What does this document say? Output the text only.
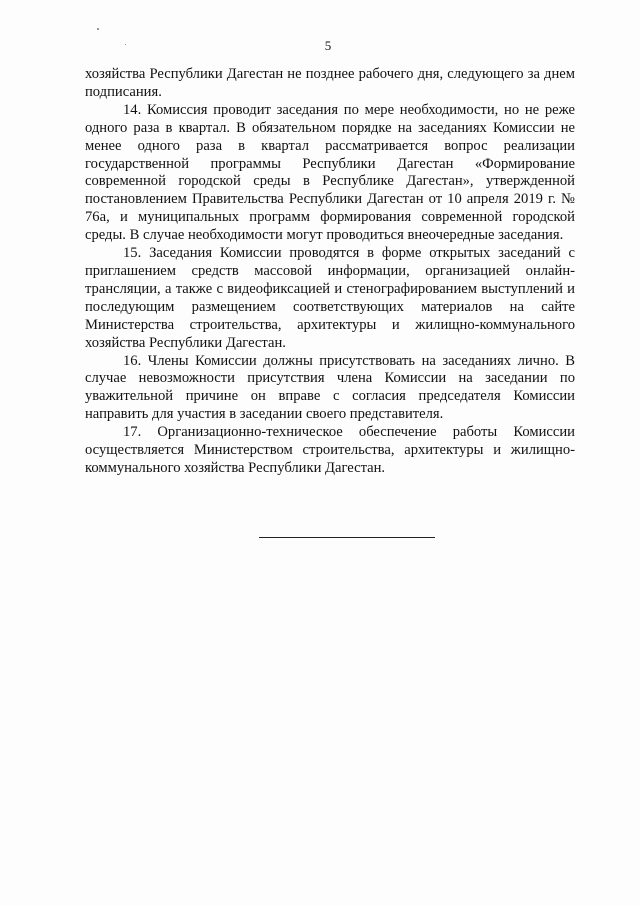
5

хозяйства Республики Дагестан не позднее рабочего дня, следующего за днем подписания.

14. Комиссия проводит заседания по мере необходимости, но не реже одного раза в квартал. В обязательном порядке на заседаниях Комиссии не менее одного раза в квартал рассматривается вопрос реализации государственной программы Республики Дагестан «Формирование современной городской среды в Республике Дагестан», утвержденной постановлением Правительства Республики Дагестан от 10 апреля 2019 г. № 76а, и муниципальных программ формирования современной городской среды. В случае необходимости могут проводиться внеочередные заседания.

15. Заседания Комиссии проводятся в форме открытых заседаний с приглашением средств массовой информации, организацией онлайн-трансляции, а также с видеофиксацией и стенографированием выступлений и последующим размещением соответствующих материалов на сайте Министерства строительства, архитектуры и жилищно-коммунального хозяйства Республики Дагестан.

16. Члены Комиссии должны присутствовать на заседаниях лично. В случае невозможности присутствия члена Комиссии на заседании по уважительной причине он вправе с согласия председателя Комиссии направить для участия в заседании своего представителя.

17. Организационно-техническое обеспечение работы Комиссии осуществляется Министерством строительства, архитектуры и жилищно-коммунального хозяйства Республики Дагестан.
